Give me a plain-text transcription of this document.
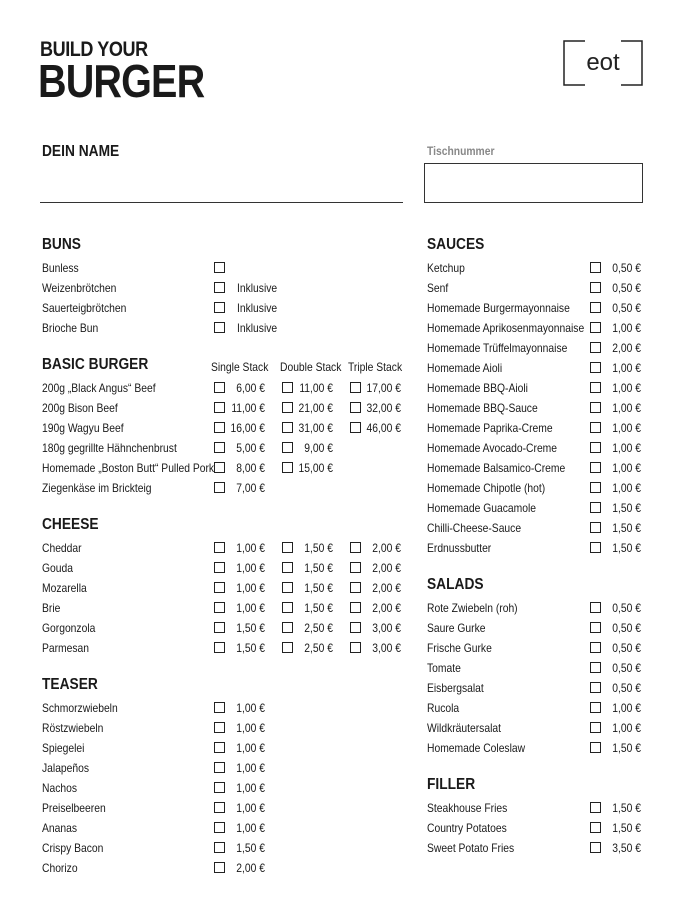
BUILD YOUR
BURGER	eot
DEIN NAME	Tischnummer
BUNS
Bunless
Weizenbrötchen	Inklusive
Sauerteigbrötchen	Inklusive
Brioche Bun	Inklusive
BASIC BURGER	Single Stack Double Stack Triple Stack
200g „Black Angus“ Beef	6,00 €	11,00 €	17,00 €
200g Bison Beef	11,00 €	21,00 €	32,00 €
190g Wagyu Beef	16,00 €	31,00 €	46,00 €
180g gegrillte Hähnchenbrust	5,00 €	9,00 €
Homemade „Boston Butt“ Pulled Pork	8,00 €	15,00 €
Ziegenkäse im Brickteig	7,00 €
CHEESE
Cheddar	1,00 €	1,50 €	2,00 €
Gouda	1,00 €	1,50 €	2,00 €
Mozarella	1,00 €	1,50 €	2,00 €
Brie	1,00 €	1,50 €	2,00 €
Gorgonzola	1,50 €	2,50 €	3,00 €
Parmesan	1,50 €	2,50 €	3,00 €
TEASER
Schmorzwiebeln	1,00 €
Röstzwiebeln	1,00 €
Spiegelei	1,00 €
Jalapeños	1,00 €
Nachos	1,00 €
Preiselbeeren	1,00 €
Ananas	1,00 €
Crispy Bacon	1,50 €
Chorizo	2,00 €
SAUCES
Ketchup	0,50 €
Senf	0,50 €
Homemade Burgermayonnaise	0,50 €
Homemade Aprikosenmayonnaise	1,00 €
Homemade Trüffelmayonnaise	2,00 €
Homemade Aioli	1,00 €
Homemade BBQ-Aioli	1,00 €
Homemade BBQ-Sauce	1,00 €
Homemade Paprika-Creme	1,00 €
Homemade Avocado-Creme	1,00 €
Homemade Balsamico-Creme	1,00 €
Homemade Chipotle (hot)	1,00 €
Homemade Guacamole	1,50 €
Chilli-Cheese-Sauce	1,50 €
Erdnussbutter	1,50 €
SALADS
Rote Zwiebeln (roh)	0,50 €
Saure Gurke	0,50 €
Frische Gurke	0,50 €
Tomate	0,50 €
Eisbergsalat	0,50 €
Rucola	1,00 €
Wildkräutersalat	1,00 €
Homemade Coleslaw	1,50 €
FILLER
Steakhouse Fries	1,50 €
Country Potatoes	1,50 €
Sweet Potato Fries	3,50 €
